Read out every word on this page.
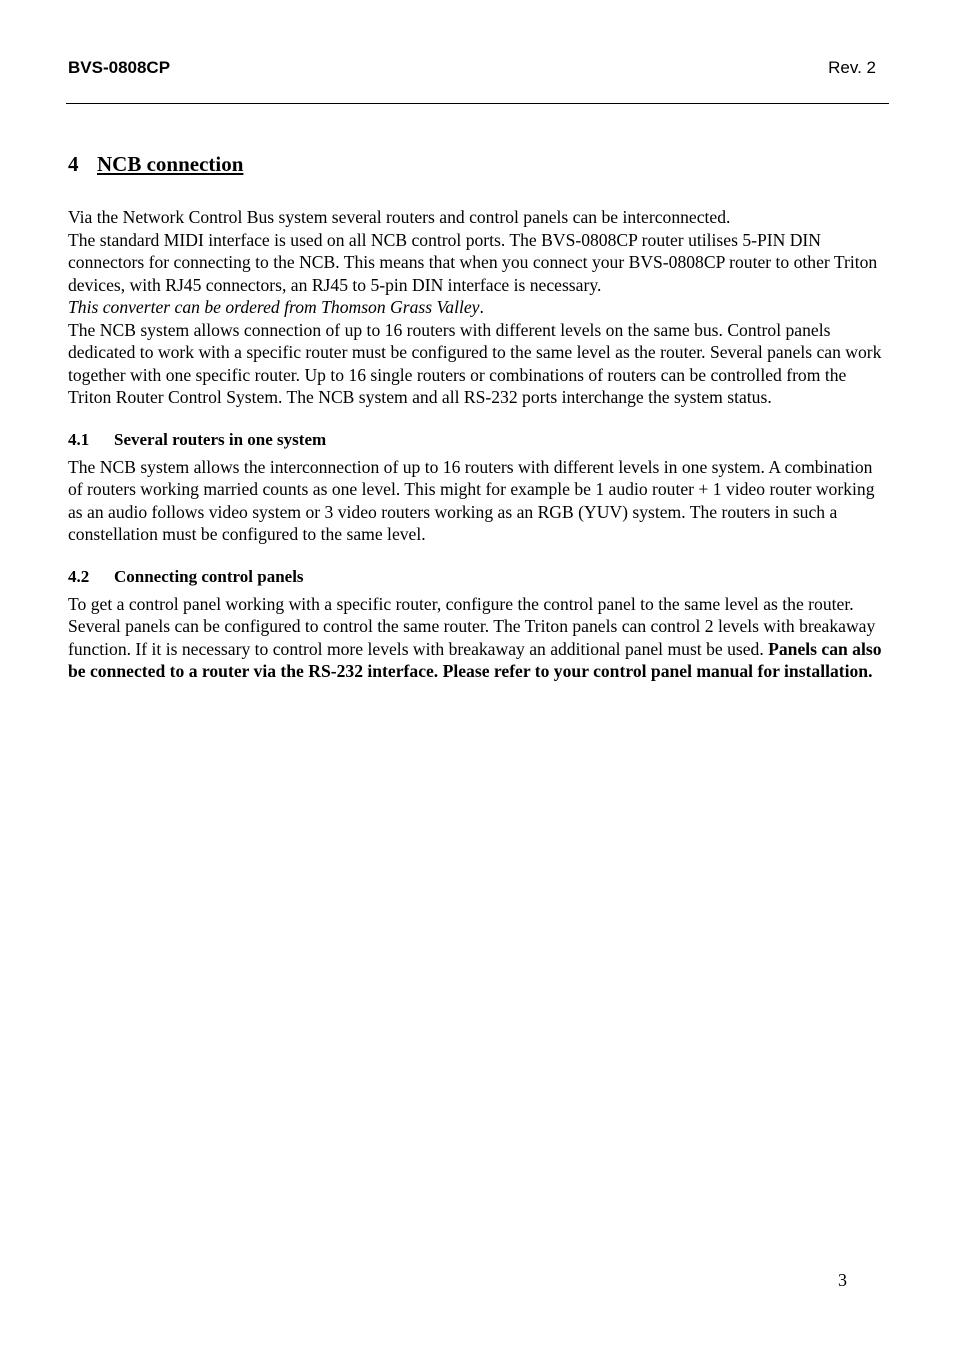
BVS-0808CP	Rev. 2
4 NCB connection

Via the Network Control Bus system several routers and control panels can be interconnected.

The standard MIDI interface is used on all NCB control ports. The BVS-0808CP router utilises 5-PIN DIN connectors for connecting to the NCB. This means that when you connect your BVS-0808CP router to other Triton devices, with RJ45 connectors, an RJ45 to 5-pin DIN interface is necessary.

This converter can be ordered from Thomson Grass Valley.

The NCB system allows connection of up to 16 routers with different levels on the same bus. Control panels dedicated to work with a specific router must be configured to the same level as the router. Several panels can work together with one specific router. Up to 16 single routers or combinations of routers can be controlled from the Triton Router Control System. The NCB system and all RS-232 ports interchange the system status.

4.1 Several routers in one system

The NCB system allows the interconnection of up to 16 routers with different levels in one system. A combination of routers working married counts as one level. This might for example be 1 audio router + 1 video router working as an audio follows video system or 3 video routers working as an RGB (YUV) system. The routers in such a constellation must be configured to the same level.

4.2 Connecting control panels

To get a control panel working with a specific router, configure the control panel to the same level as the router. Several panels can be configured to control the same router. The Triton panels can control 2 levels with breakaway function. If it is necessary to control more levels with breakaway an additional panel must be used. Panels can also be connected to a router via the RS-232 interface. Please refer to your control panel manual for installation.

3
